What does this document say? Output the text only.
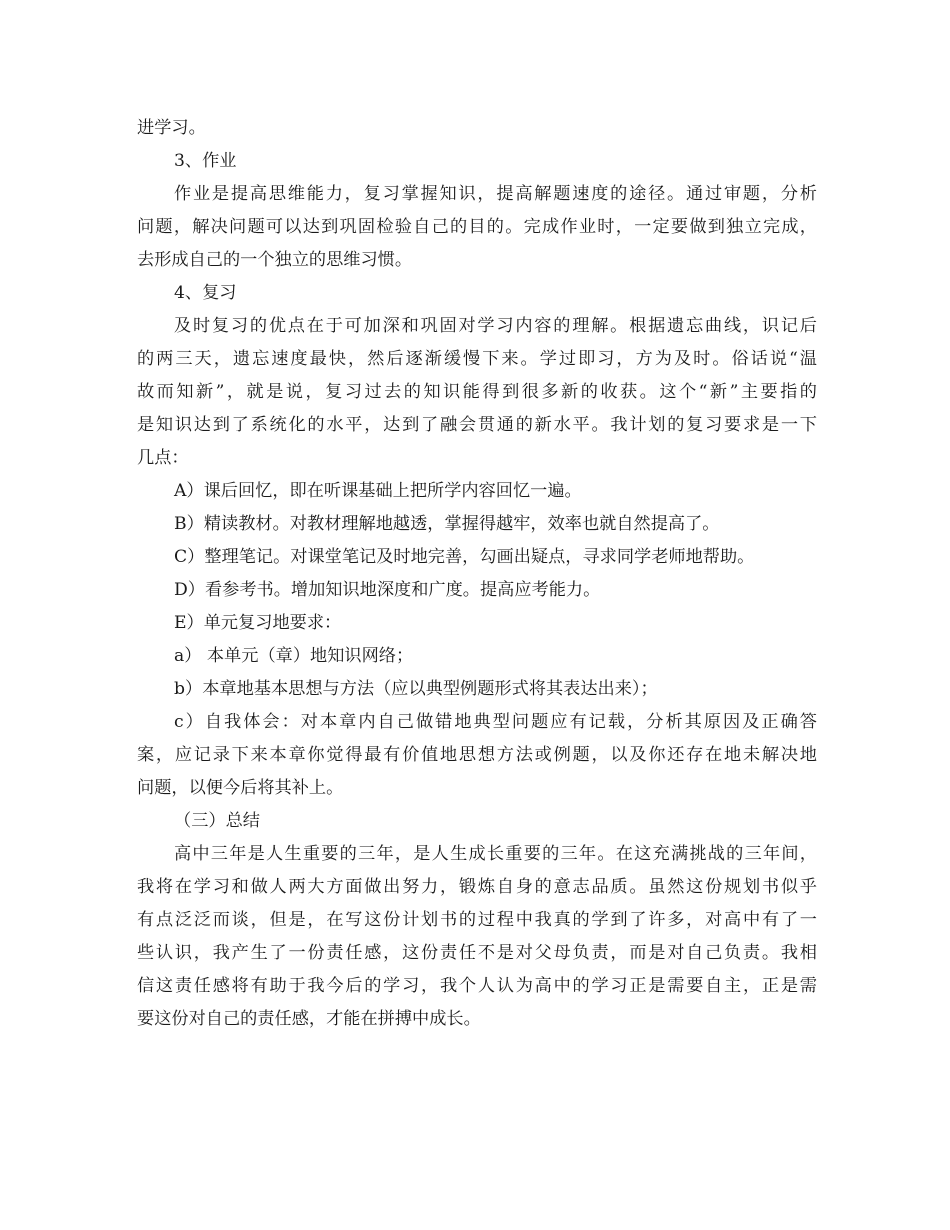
进学习。
3、作业
作业是提高思维能力，复习掌握知识，提高解题速度的途径。通过审题，分析
问题，解决问题可以达到巩固检验自己的目的。完成作业时，一定要做到独立完成，
去形成自己的一个独立的思维习惯。
4、复习
及时复习的优点在于可加深和巩固对学习内容的理解。根据遗忘曲线，识记后
的两三天，遗忘速度最快，然后逐渐缓慢下来。学过即习，方为及时。俗话说“温
故而知新”，就是说，复习过去的知识能得到很多新的收获。这个“新”主要指的
是知识达到了系统化的水平，达到了融会贯通的新水平。我计划的复习要求是一下
几点：
A）课后回忆，即在听课基础上把所学内容回忆一遍。
B）精读教材。对教材理解地越透，掌握得越牢，效率也就自然提高了。
C）整理笔记。对课堂笔记及时地完善，勾画出疑点，寻求同学老师地帮助。
D）看参考书。增加知识地深度和广度。提高应考能力。
E）单元复习地要求：
a） 本单元（章）地知识网络；
b）本章地基本思想与方法（应以典型例题形式将其表达出来）；
c）自我体会：对本章内自己做错地典型问题应有记载，分析其原因及正确答
案，应记录下来本章你觉得最有价值地思想方法或例题，以及你还存在地未解决地
问题，以便今后将其补上。
（三）总结
高中三年是人生重要的三年，是人生成长重要的三年。在这充满挑战的三年间，
我将在学习和做人两大方面做出努力，锻炼自身的意志品质。虽然这份规划书似乎
有点泛泛而谈，但是，在写这份计划书的过程中我真的学到了许多，对高中有了一
些认识，我产生了一份责任感，这份责任不是对父母负责，而是对自己负责。我相
信这责任感将有助于我今后的学习，我个人认为高中的学习正是需要自主，正是需
要这份对自己的责任感，才能在拼搏中成长。
